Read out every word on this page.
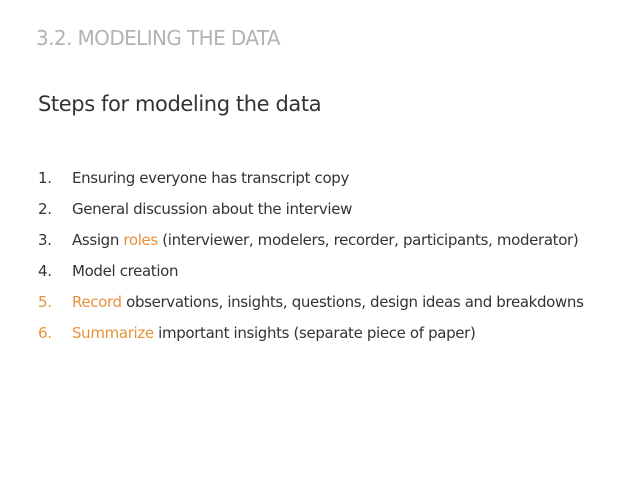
3.2. MODELING THE DATA
Steps for modeling the data
1.	Ensuring everyone has transcript copy
2.	General discussion about the interview
3.	Assign roles (interviewer, modelers, recorder, participants, moderator)
4.	Model creation
5.	Record observations, insights, questions, design ideas and breakdowns
6.	Summarize important insights (separate piece of paper)
